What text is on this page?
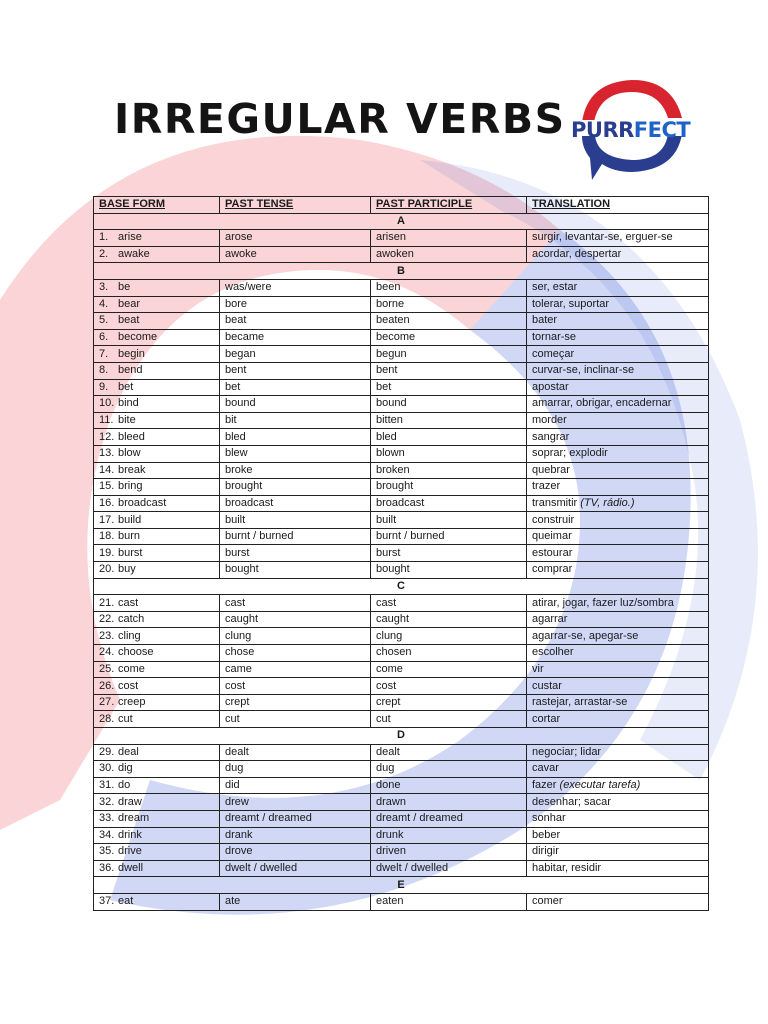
IRREGULAR VERBS PURRFECT
BASE FORM	PAST TENSE	PAST PARTICIPLE	TRANSLATION
A			
1. arise	arose	arisen	surgir, levantar-se, erguer-se
2. awake	awoke	awoken	acordar, despertar
B			
3. be	was/were	been	ser, estar
4. bear	bore	borne	tolerar, suportar
5. beat	beat	beaten	bater
6. become	became	become	tornar-se
7. begin	began	begun	começar
8. bend	bent	bent	curvar-se, inclinar-se
9. bet	bet	bet	apostar
10. bind	bound	bound	amarrar, obrigar, encadernar
11. bite	bit	bitten	morder
12. bleed	bled	bled	sangrar
13. blow	blew	blown	soprar; explodir
14. break	broke	broken	quebrar
15. bring	brought	brought	trazer
16. broadcast	broadcast	broadcast	transmitir (TV, rádio.)
17. build	built	built	construir
18. burn	burnt / burned	burnt / burned	queimar
19. burst	burst	burst	estourar
20. buy	bought	bought	comprar
C			
21. cast	cast	cast	atirar, jogar, fazer luz/sombra
22. catch	caught	caught	agarrar
23. cling	clung	clung	agarrar-se, apegar-se
24. choose	chose	chosen	escolher
25. come	came	come	vir
26. cost	cost	cost	custar
27. creep	crept	crept	rastejar, arrastar-se
28. cut	cut	cut	cortar
D			
29. deal	dealt	dealt	negociar; lidar
30. dig	dug	dug	cavar
31. do	did	done	fazer (executar tarefa)
32. draw	drew	drawn	desenhar; sacar
33. dream	dreamt / dreamed	dreamt / dreamed	sonhar
34. drink	drank	drunk	beber
35. drive	drove	driven	dirigir
36. dwell	dwelt / dwelled	dwelt / dwelled	habitar, residir
E			
37. eat	ate	eaten	comer
